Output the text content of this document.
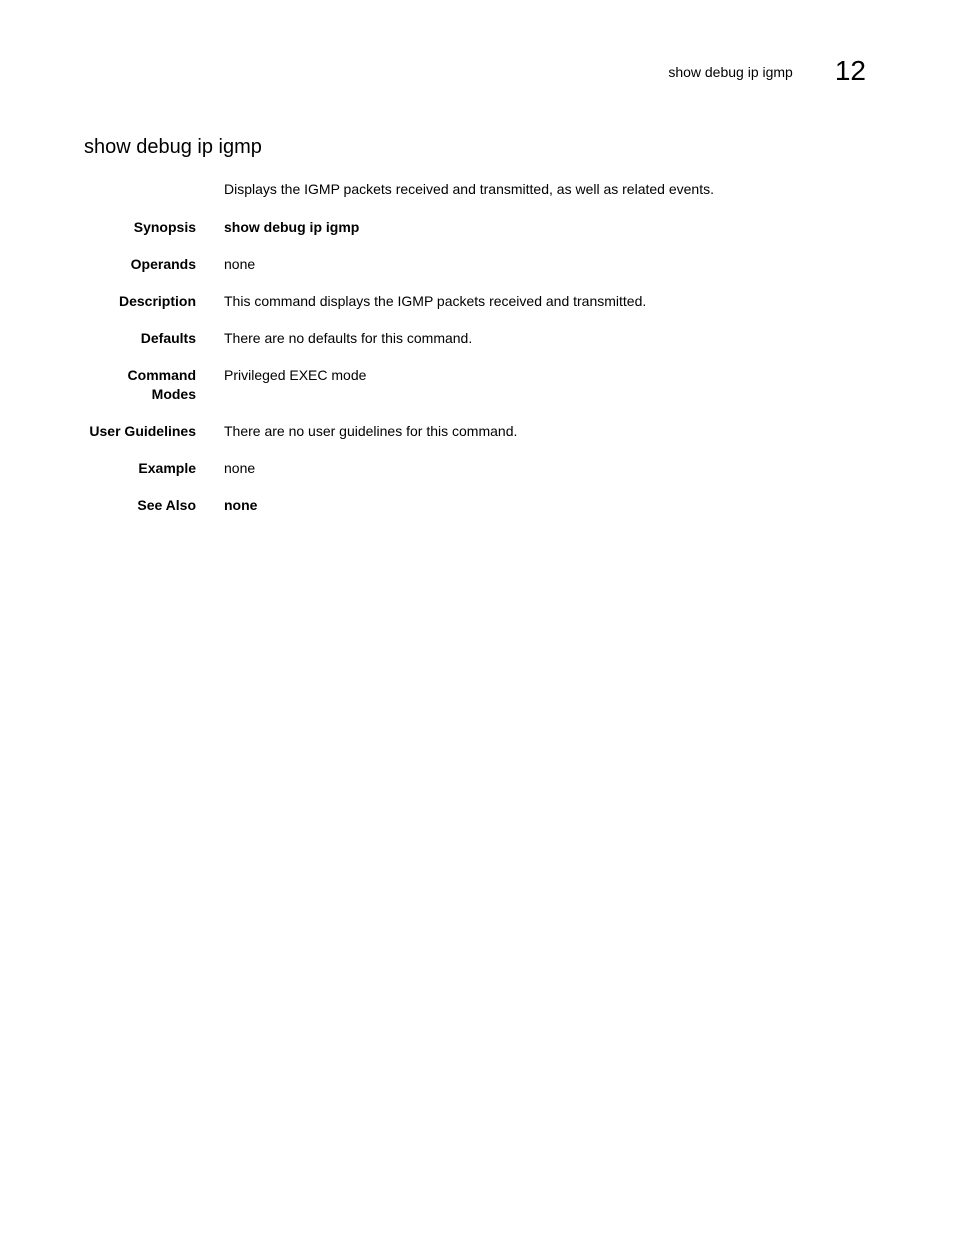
show debug ip igmp 12
show debug ip igmp
Displays the IGMP packets received and transmitted, as well as related events.
Synopsis show debug ip igmp
Operands none
Description This command displays the IGMP packets received and transmitted.
Defaults There are no defaults for this command.
Command
Modes
Privileged EXEC mode
User Guidelines There are no user guidelines for this command.
Example none
See Also none
